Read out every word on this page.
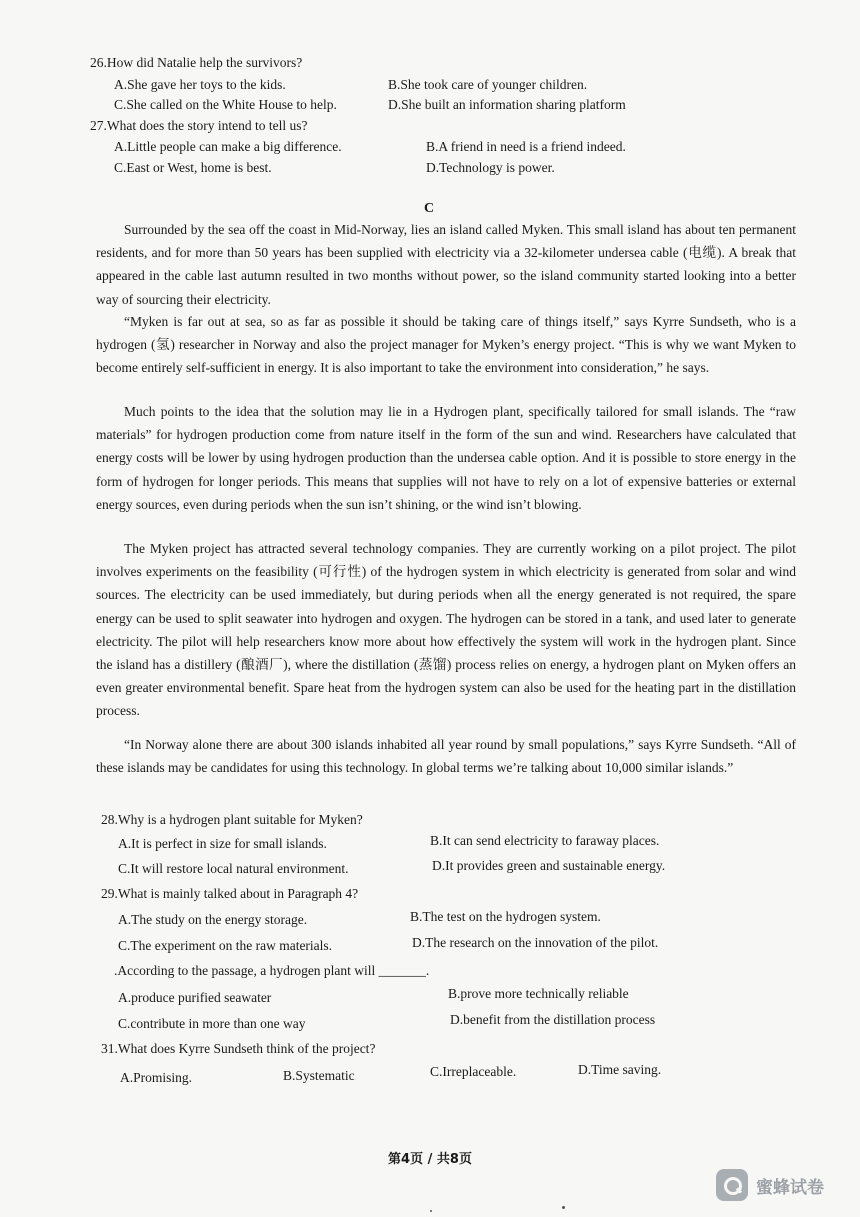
26.How did Natalie help the survivors?
A.She gave her toys to the kids.	B.She took care of younger children.
C.She called on the White House to help.	D.She built an information sharing platform
27.What does the story intend to tell us?
A.Little people can make a big difference.	B.A friend in need is a friend indeed.
C.East or West, home is best.	D.Technology is power.
C

Surrounded by the sea off the coast in Mid-Norway, lies an island called Myken. This small island has about ten permanent residents, and for more than 50 years has been supplied with electricity via a 32-kilometer undersea cable (电缆). A break that appeared in the cable last autumn resulted in two months without power, so the island community started looking into a better way of sourcing their electricity.

“Myken is far out at sea, so as far as possible it should be taking care of things itself,” says Kyrre Sundseth, who is a hydrogen (氢) researcher in Norway and also the project manager for Myken’s energy project. “This is why we want Myken to become entirely self-sufficient in energy. It is also important to take the environment into consideration,” he says.

Much points to the idea that the solution may lie in a Hydrogen plant, specifically tailored for small islands. The “raw materials” for hydrogen production come from nature itself in the form of the sun and wind. Researchers have calculated that energy costs will be lower by using hydrogen production than the undersea cable option. And it is possible to store energy in the form of hydrogen for longer periods. This means that supplies will not have to rely on a lot of expensive batteries or external energy sources, even during periods when the sun isn’t shining, or the wind isn’t blowing.

The Myken project has attracted several technology companies. They are currently working on a pilot project. The pilot involves experiments on the feasibility (可行性) of the hydrogen system in which electricity is generated from solar and wind sources. The electricity can be used immediately, but during periods when all the energy generated is not required, the spare energy can be used to split seawater into hydrogen and oxygen. The hydrogen can be stored in a tank, and used later to generate electricity. The pilot will help researchers know more about how effectively the system will work in the hydrogen plant. Since the island has a distillery (酿酒厂), where the distillation (蒸馏) process relies on energy, a hydrogen plant on Myken offers an even greater environmental benefit. Spare heat from the hydrogen system can also be used for the heating part in the distillation process.

“In Norway alone there are about 300 islands inhabited all year round by small populations,” says Kyrre Sundseth. “All of these islands may be candidates for using this technology. In global terms we’re talking about 10,000 similar islands.”

28.Why is a hydrogen plant suitable for Myken?
A.It is perfect in size for small islands.	B.It can send electricity to faraway places.
C.It will restore local natural environment.	D.It provides green and sustainable energy.
29.What is mainly talked about in Paragraph 4?
A.The study on the energy storage.	B.The test on the hydrogen system.
C.The experiment on the raw materials.	D.The research on the innovation of the pilot.
.According to the passage, a hydrogen plant will _______.
A.produce purified seawater	B.prove more technically reliable
C.contribute in more than one way	D.benefit from the distillation process
31.What does Kyrre Sundseth think of the project?
A.Promising.	B.Systematic	C.Irreplaceable.	D.Time saving.
第4页 / 共8页
蜜蜂试卷
